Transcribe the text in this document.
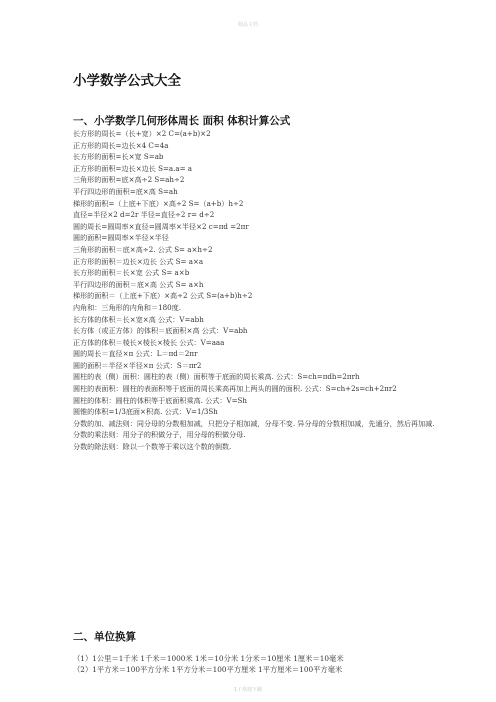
精品文档
小学数学公式大全
一、小学数学几何形体周长 面积 体积计算公式
长方形的周长=（长+宽）×2 C=(a+b)×2
正方形的周长=边长×4 C=4a
长方形的面积=长×宽 S=ab
正方形的面积=边长×边长 S=a.a= a
三角形的面积=底×高÷2 S=ah÷2
平行四边形的面积=底×高 S=ah
梯形的面积=（上底+下底）×高÷2 S=（a+b）h÷2
直径=半径×2 d=2r 半径=直径÷2 r= d÷2
圆的周长=圆周率×直径=圆周率×半径×2 c=πd =2πr
圆的面积=圆周率×半径×半径
三角形的面积＝底×高÷2. 公式 S= a×h÷2
正方形的面积＝边长×边长 公式 S= a×a
长方形的面积＝长×宽 公式 S= a×b
平行四边形的面积＝底×高 公式 S= a×h
梯形的面积＝（上底+下底）×高÷2 公式 S=(a+b)h÷2
内角和：三角形的内角和＝180度.
长方体的体积＝长×宽×高 公式：V=abh
长方体（或正方体）的体积＝底面积×高 公式：V=abh
正方体的体积＝棱长×棱长×棱长 公式：V=aaa
圆的周长＝直径×π 公式：L＝πd＝2πr
圆的面积＝半径×半径×π 公式：S＝πr2
圆柱的表（侧）面积：圆柱的表（侧）面积等于底面的周长乘高. 公式：S=ch=πdh=2πrh
圆柱的表面积：圆柱的表面积等于底面的周长乘高再加上两头的圆的面积. 公式：S=ch+2s=ch+2πr2
圆柱的体积：圆柱的体积等于底面积乘高. 公式：V=Sh
圆锥的体积=1/3底面×积高. 公式：V=1/3Sh
分数的加、减法则：同分母的分数相加减，只把分子相加减，分母不变. 异分母的分数相加减，先通分，然后再加减.
分数的乘法则：用分子的积做分子，用分母的积做分母.
分数的除法则：除以一个数等于乘以这个数的倒数.
二、单位换算
（1）1公里＝1千米 1千米＝1000米 1米＝10分米 1分米＝10厘米 1厘米＝10毫米
（2）1平方米＝100平方分米 1平方分米＝100平方厘米 1平方厘米＝100平方毫米
1 / 欢迎下载
